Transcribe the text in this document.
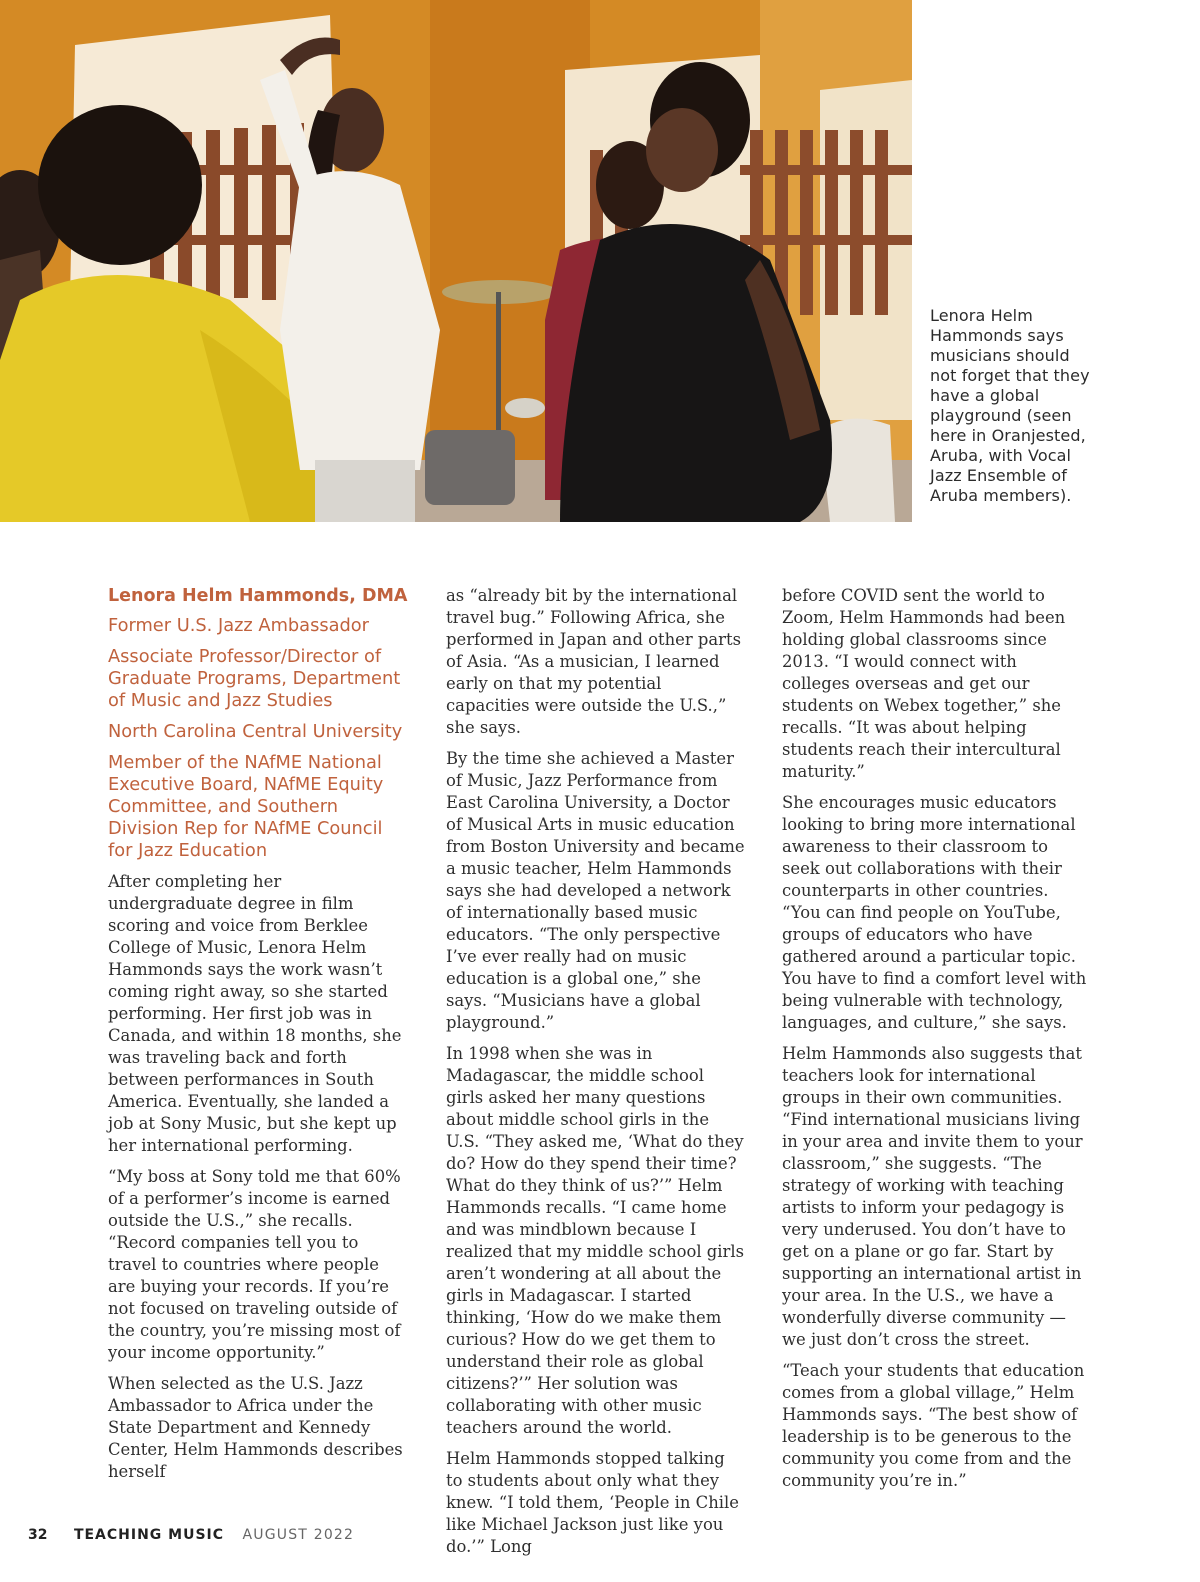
Lenora Helm Hammonds says musicians should not forget that they have a global playground (seen here in Oranjested, Aruba, with Vocal Jazz Ensemble of Aruba members).
Lenora Helm Hammonds, DMA
Former U.S. Jazz Ambassador
Associate Professor/Director of Graduate Programs, Department of Music and Jazz Studies
North Carolina Central University
Member of the NAfME National Executive Board, NAfME Equity Committee, and Southern Division Rep for NAfME Council for Jazz Education

After completing her undergraduate degree in film scoring and voice from Berklee College of Music, Lenora Helm Hammonds says the work wasn’t coming right away, so she started performing. Her first job was in Canada, and within 18 months, she was traveling back and forth between performances in South America. Eventually, she landed a job at Sony Music, but she kept up her international performing.

“My boss at Sony told me that 60% of a performer’s income is earned outside the U.S.,” she recalls. “Record companies tell you to travel to countries where people are buying your records. If you’re not focused on traveling outside of the country, you’re missing most of your income opportunity.”

When selected as the U.S. Jazz Ambassador to Africa under the State Department and Kennedy Center, Helm Hammonds describes herself

as “already bit by the international travel bug.” Following Africa, she performed in Japan and other parts of Asia. “As a musician, I learned early on that my potential capacities were outside the U.S.,” she says.

By the time she achieved a Master of Music, Jazz Performance from East Carolina University, a Doctor of Musical Arts in music education from Boston University and became a music teacher, Helm Hammonds says she had developed a network of internationally based music educators. “The only perspective I’ve ever really had on music education is a global one,” she says. “Musicians have a global playground.”

In 1998 when she was in Madagascar, the middle school girls asked her many questions about middle school girls in the U.S. “They asked me, ‘What do they do? How do they spend their time? What do they think of us?’” Helm Hammonds recalls. “I came home and was mindblown because I realized that my middle school girls aren’t wondering at all about the girls in Madagascar. I started thinking, ‘How do we make them curious? How do we get them to understand their role as global citizens?’” Her solution was collaborating with other music teachers around the world.

Helm Hammonds stopped talking to students about only what they knew. “I told them, ‘People in Chile like Michael Jackson just like you do.’” Long

before COVID sent the world to Zoom, Helm Hammonds had been holding global classrooms since 2013. “I would connect with colleges overseas and get our students on Webex together,” she recalls. “It was about helping students reach their intercultural maturity.”

She encourages music educators looking to bring more international awareness to their classroom to seek out collaborations with their counterparts in other countries. “You can find people on YouTube, groups of educators who have gathered around a particular topic. You have to find a comfort level with being vulnerable with technology, languages, and culture,” she says.

Helm Hammonds also suggests that teachers look for international groups in their own communities. “Find international musicians living in your area and invite them to your classroom,” she suggests. “The strategy of working with teaching artists to inform your pedagogy is very underused. You don’t have to get on a plane or go far. Start by supporting an international artist in your area. In the U.S., we have a wonderfully diverse community — we just don’t cross the street.

“Teach your students that education comes from a global village,” Helm Hammonds says. “The best show of leadership is to be generous to the community you come from and the community you’re in.”

32 TEACHING MUSIC AUGUST 2022
